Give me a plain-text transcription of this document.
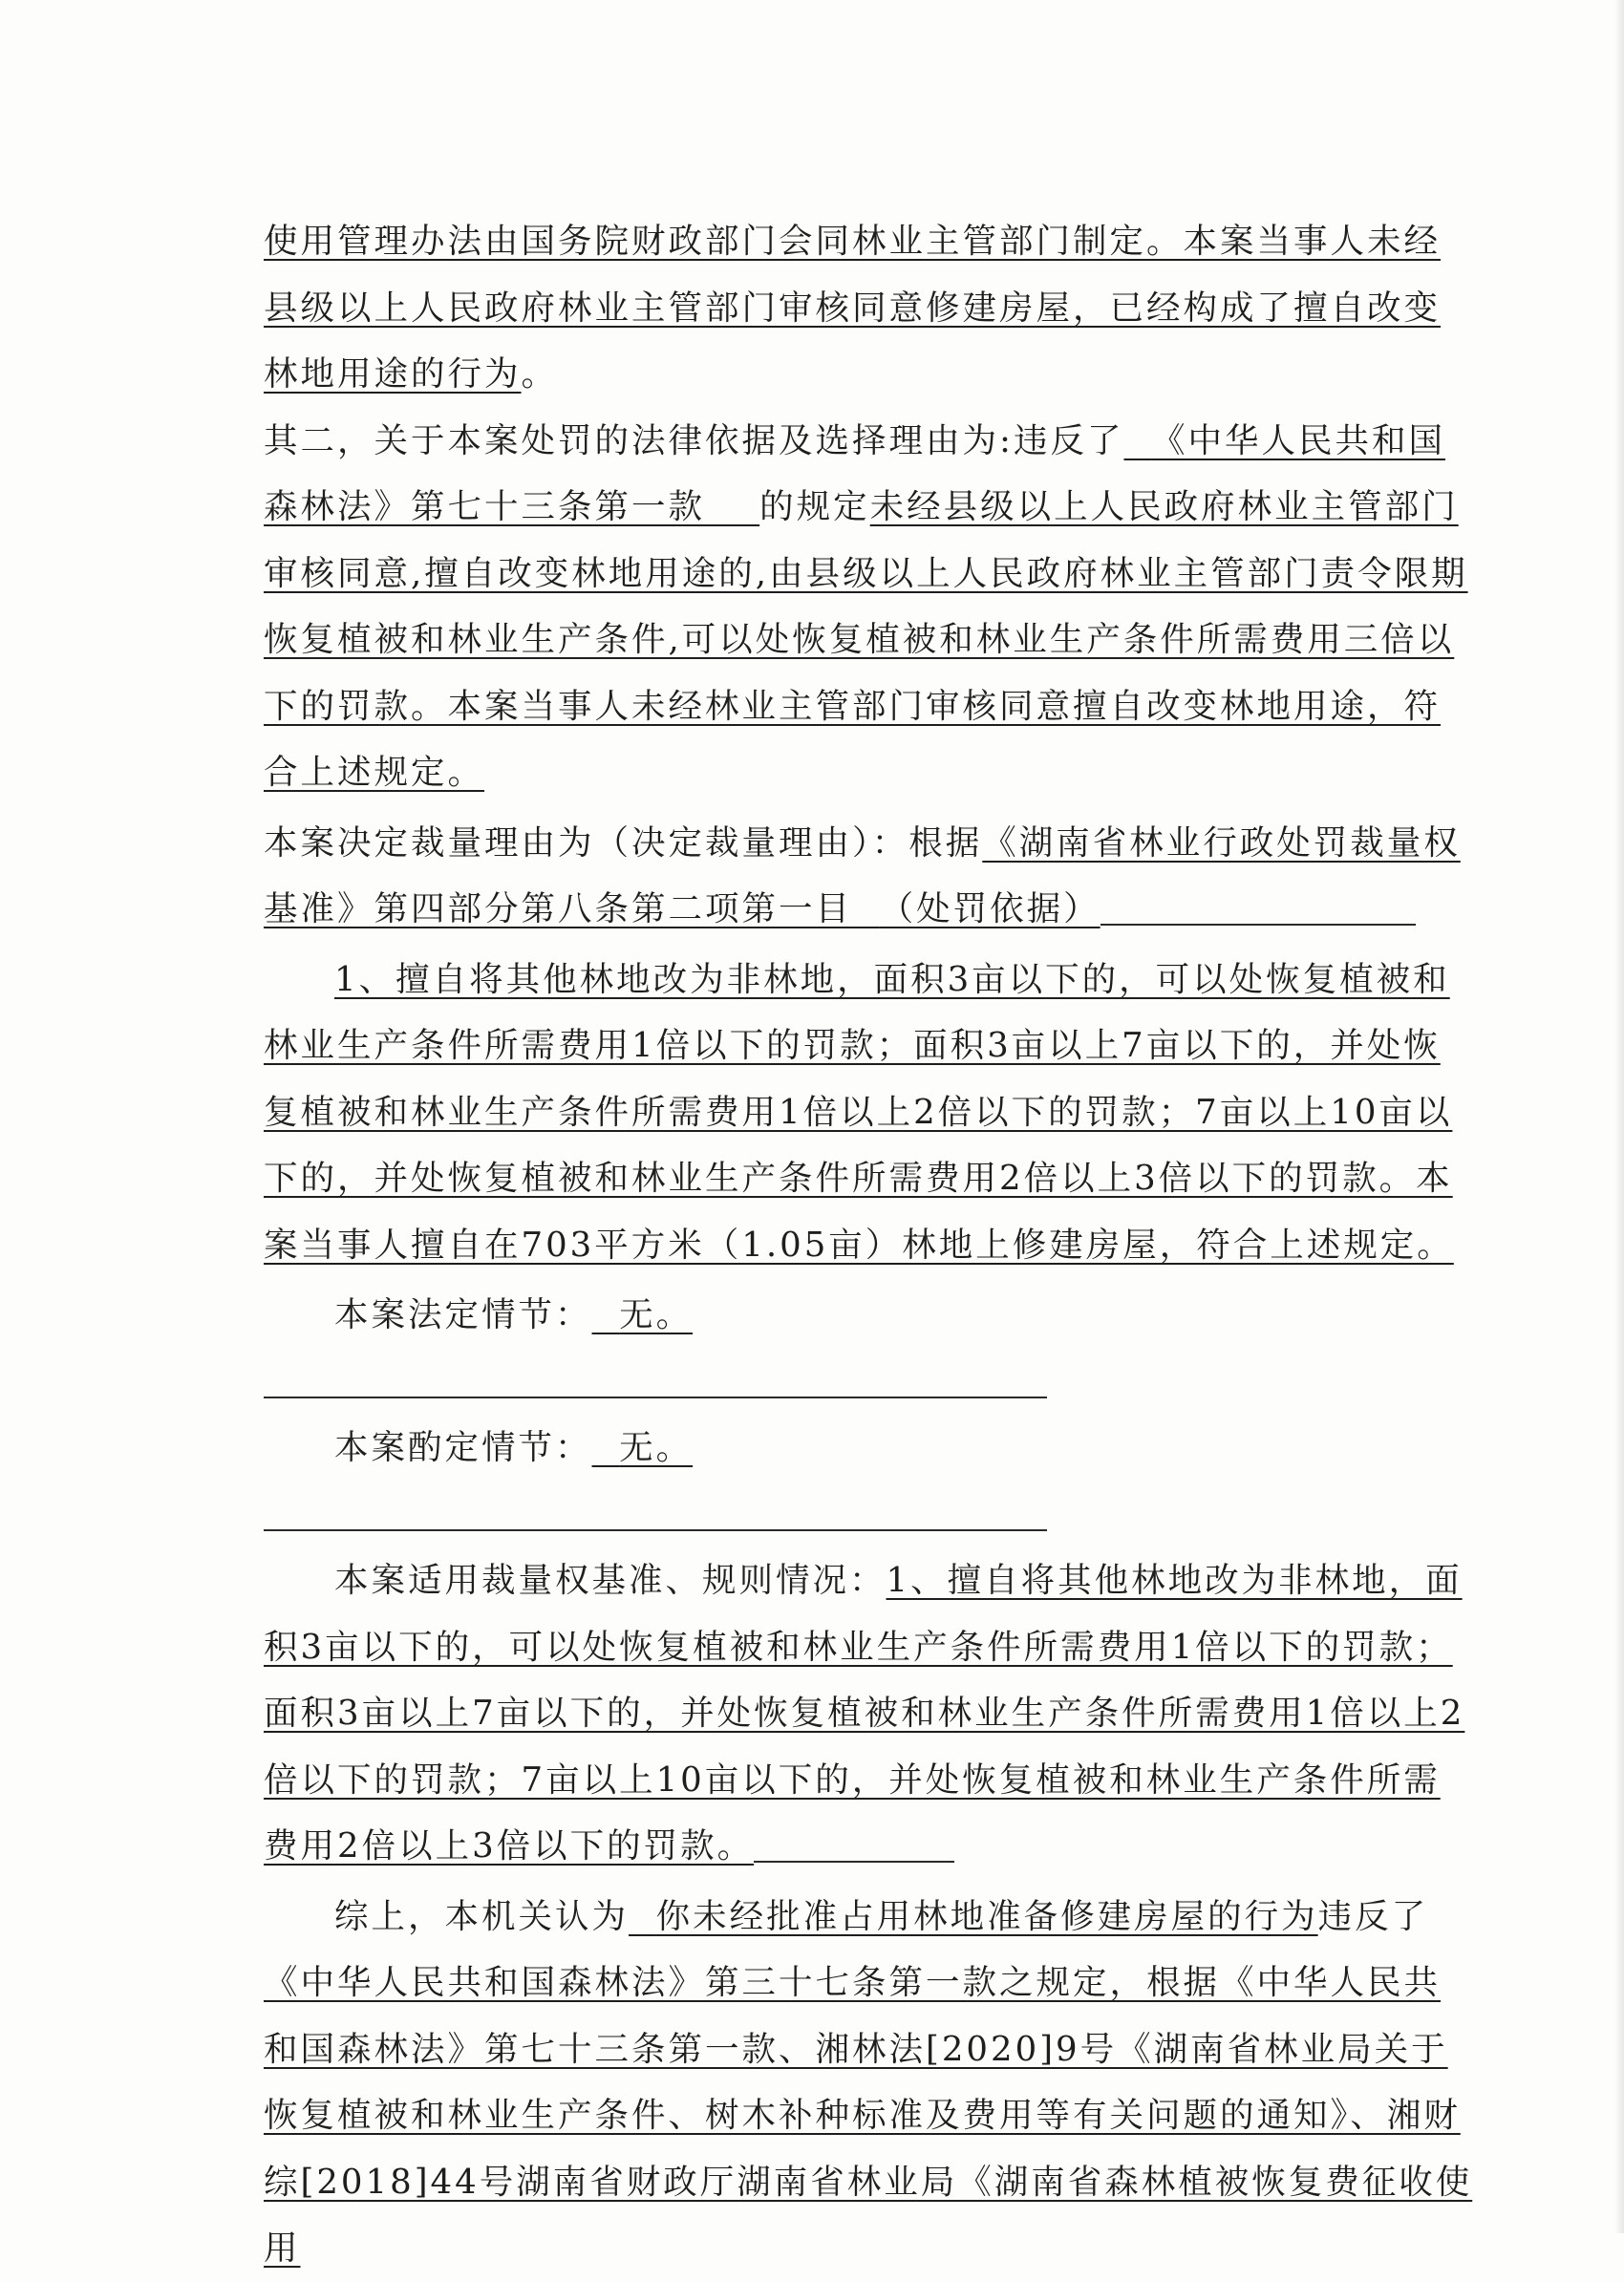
使用管理办法由国务院财政部门会同林业主管部门制定。本案当事人未经县级以上人民政府林业主管部门审核同意修建房屋，已经构成了擅自改变林地用途的行为。

其二，关于本案处罚的法律依据及选择理由为:违反了 《中华人民共和国森林法》第七十三条第一款 的规定未经县级以上人民政府林业主管部门审核同意,擅自改变林地用途的,由县级以上人民政府林业主管部门责令限期恢复植被和林业生产条件,可以处恢复植被和林业生产条件所需费用三倍以下的罚款。本案当事人未经林业主管部门审核同意擅自改变林地用途，符合上述规定。

本案决定裁量理由为（决定裁量理由）：根据《湖南省林业行政处罚裁量权基准》第四部分第八条第二项第一目 （处罚依据）

1、擅自将其他林地改为非林地，面积3亩以下的，可以处恢复植被和林业生产条件所需费用1倍以下的罚款；面积3亩以上7亩以下的，并处恢复植被和林业生产条件所需费用1倍以上2倍以下的罚款；7亩以上10亩以下的，并处恢复植被和林业生产条件所需费用2倍以上3倍以下的罚款。本案当事人擅自在703平方米（1.05亩）林地上修建房屋，符合上述规定。

本案法定情节： 无。

本案酌定情节： 无。

本案适用裁量权基准、规则情况：1、擅自将其他林地改为非林地，面积3亩以下的，可以处恢复植被和林业生产条件所需费用1倍以下的罚款；面积3亩以上7亩以下的，并处恢复植被和林业生产条件所需费用1倍以上2倍以下的罚款；7亩以上10亩以下的，并处恢复植被和林业生产条件所需费用2倍以上3倍以下的罚款。

综上，本机关认为 你未经批准占用林地准备修建房屋的行为违反了《中华人民共和国森林法》第三十七条第一款之规定，根据《中华人民共和国森林法》第七十三条第一款、湘林法[2020]9号《湖南省林业局关于恢复植被和林业生产条件、树木补种标准及费用等有关问题的通知》、湘财综[2018]44号湖南省财政厅湖南省林业局《湖南省森林植被恢复费征收使用
